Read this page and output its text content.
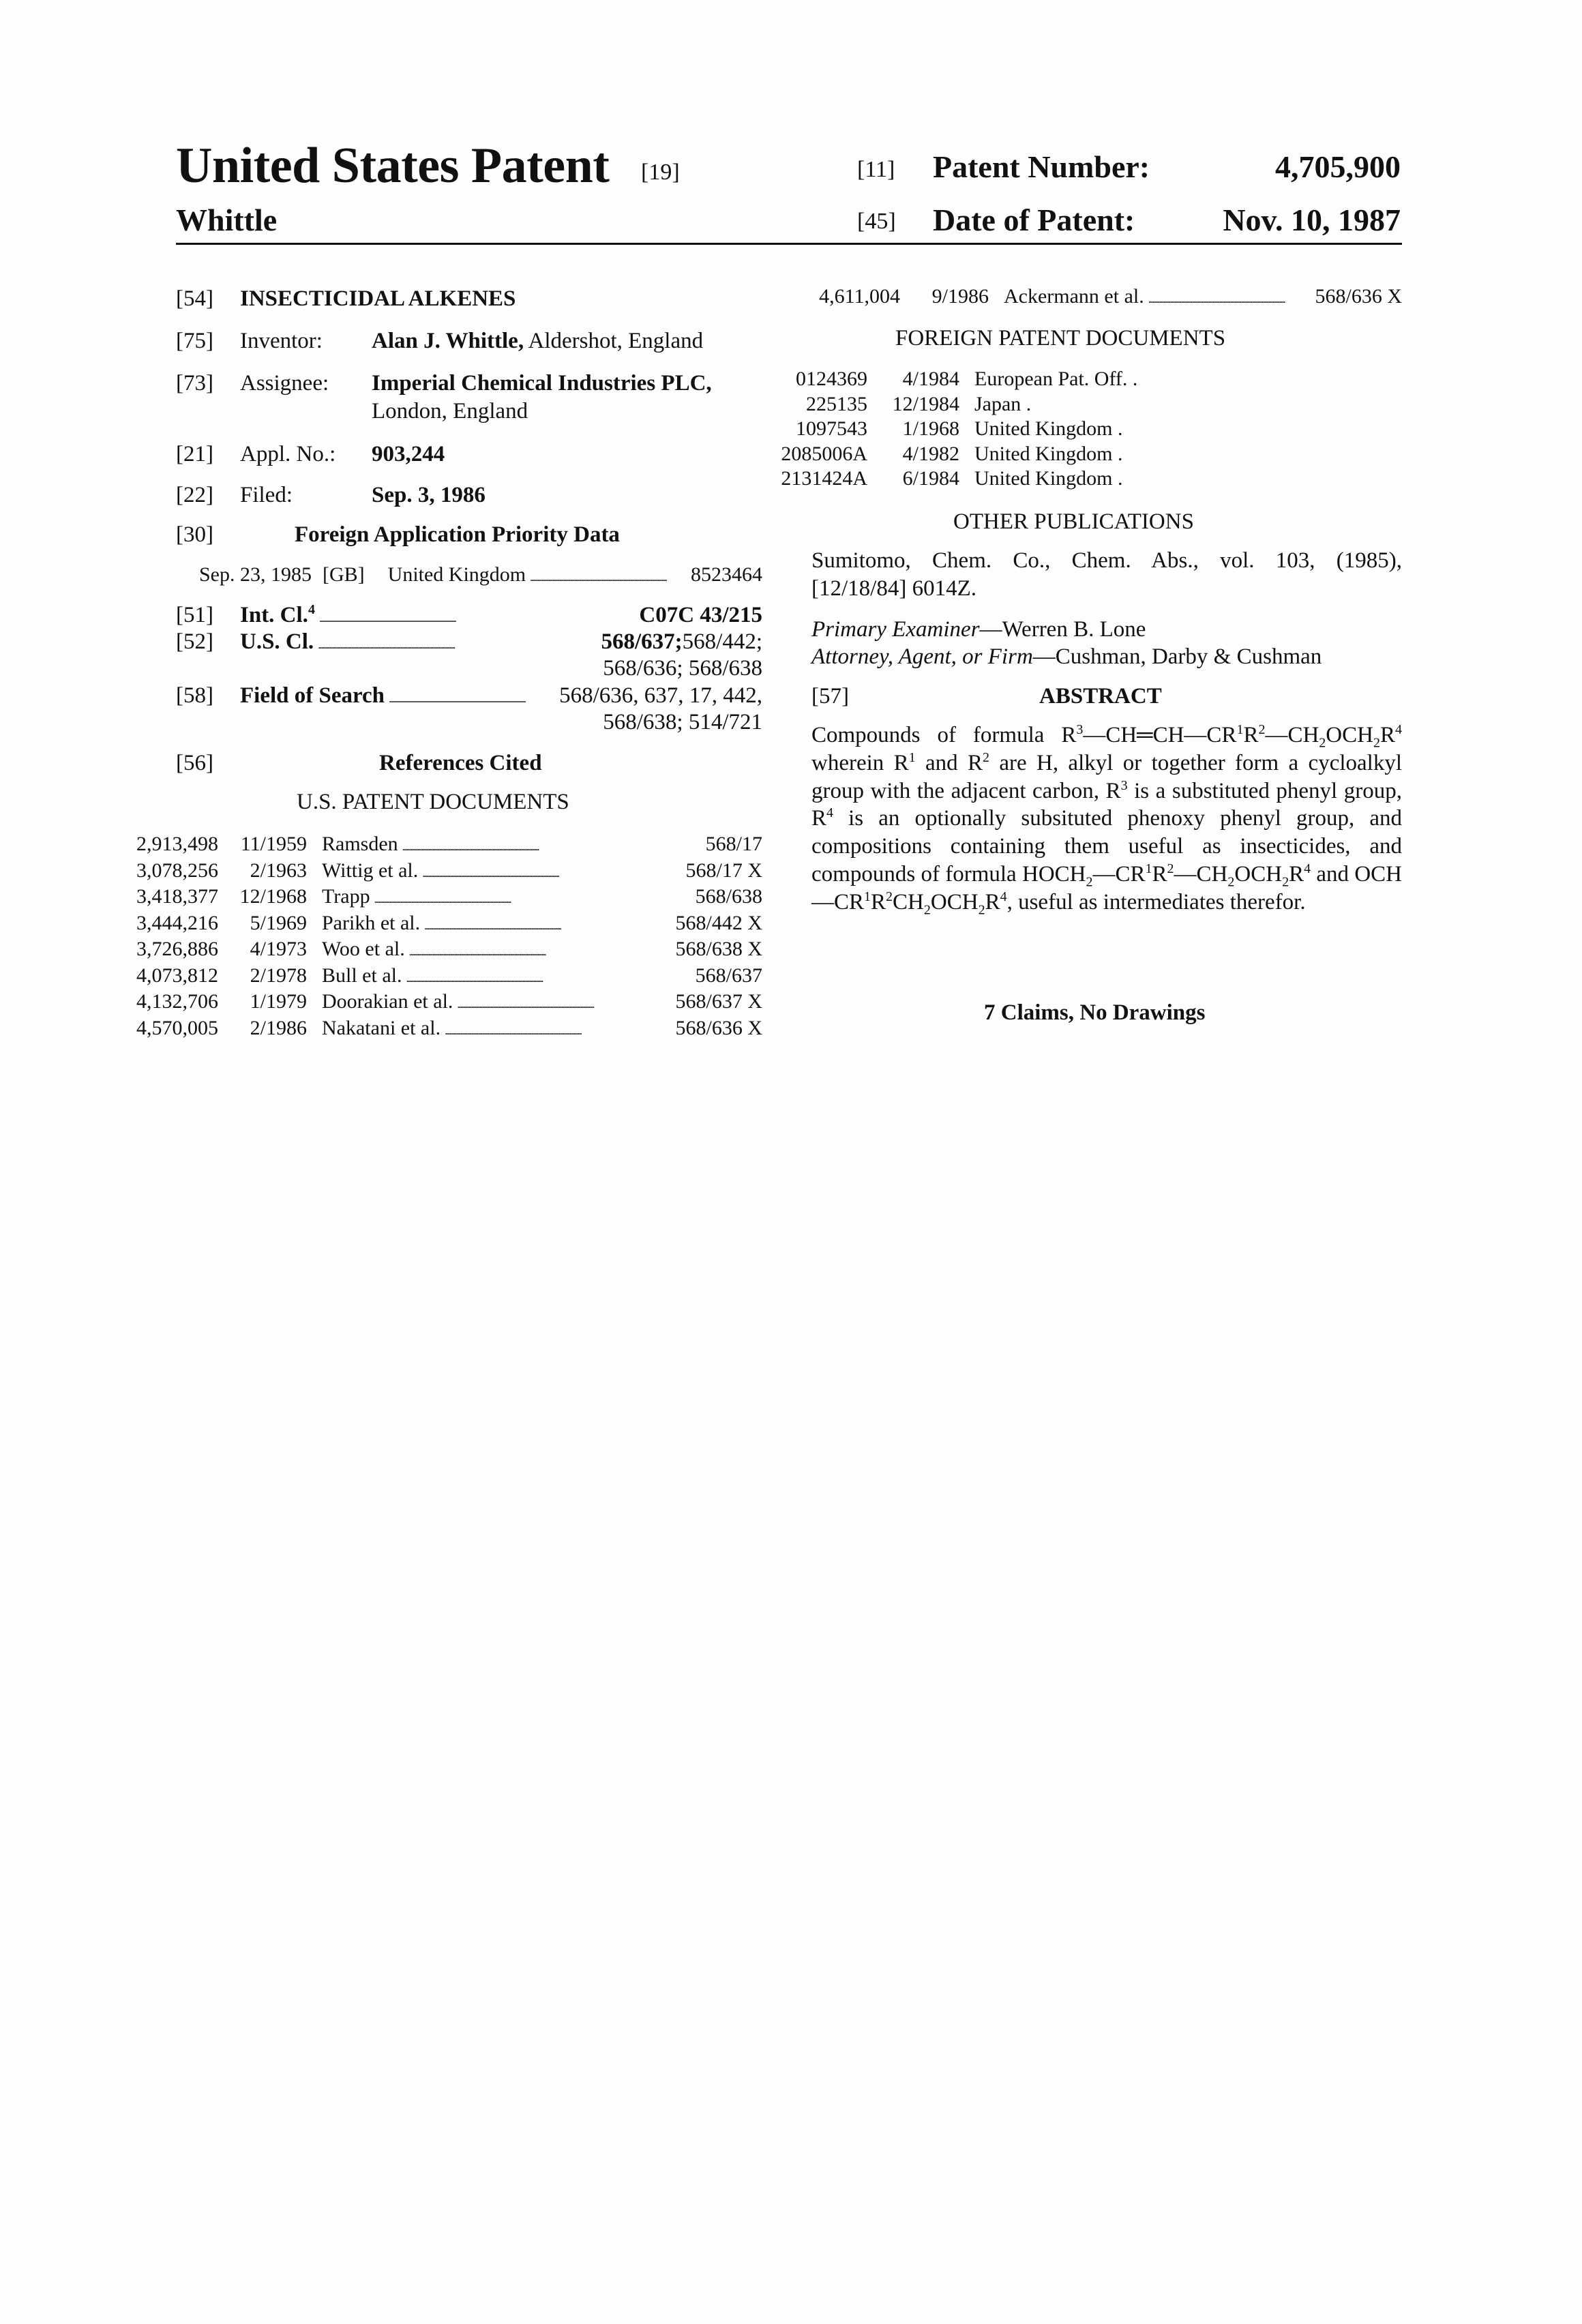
United States Patent [19]
Whittle
[11] Patent Number:	4,705,900
[45] Date of Patent:	Nov. 10, 1987
[54] INSECTICIDAL ALKENES
[75] Inventor: Alan J. Whittle, Aldershot, England
[73] Assignee: Imperial Chemical Industries PLC,
London, England
[21] Appl. No.: 903,244
[22] Filed:	Sep. 3, 1986
[30]	Foreign Application Priority Data
Sep. 23, 1985 [GB] United Kingdom
. . .	8523464
[51] Int. Cl.4
. . .	C07C 43/215
[52] U.S. Cl.
. . .	568/637; 568/442;
568/636; 568/638
[58] Field of Search
. . .	568/636, 637, 17, 442,
568/638; 514/721
[56]	References Cited
U.S. PATENT DOCUMENTS
2,913,498	11/1959 Ramsden
. . .	568/17
3,078,256	2/1963 Wittig et al.
. . .	568/17 X
3,418,377	12/1968 Trapp
. . .	568/638
3,444,216	5/1969 Parikh et al.
. . .	568/442 X
3,726,886	4/1973 Woo et al.
. . .	568/638 X
4,073,812	2/1978 Bull et al.
. . .	568/637
4,132,706	1/1979 Doorakian et al.
. . .	568/637 X
4,570,005	2/1986 Nakatani et al.
. . .	568/636 X
4,611,004	9/1986 Ackermann et al.
. . .	568/636 X
FOREIGN PATENT DOCUMENTS
0124369	4/1984 European Pat. Off. .
225135	12/1984 Japan .
1097543	1/1968 United Kingdom .
2085006A	4/1982 United Kingdom .
2131424A	6/1984 United Kingdom .
OTHER PUBLICATIONS
Sumitomo, Chem. Co., Chem. Abs., vol. 103, (1985),
[12/18/84] 6014Z.
Primary Examiner—Werren B. Lone
Attorney, Agent, or Firm—Cushman, Darby & Cushman
[57]	ABSTRACT
Compounds of formula R3—CH═CH—CR1R2—CH2OCH2R4 wherein R1 and R2 are H, alkyl or together form a cycloalkyl group with the adjacent carbon, R3 is a substituted phenyl group, R4 is an optionally sub­situted phenoxy phenyl group, and compositions con­taining them useful as insecticides, and compounds of formula HOCH2—CR1R2—CH2OCH2R4 and OCH—CR1R2CH2OCH2R4, useful as intermediates therefor.
7 Claims, No Drawings
